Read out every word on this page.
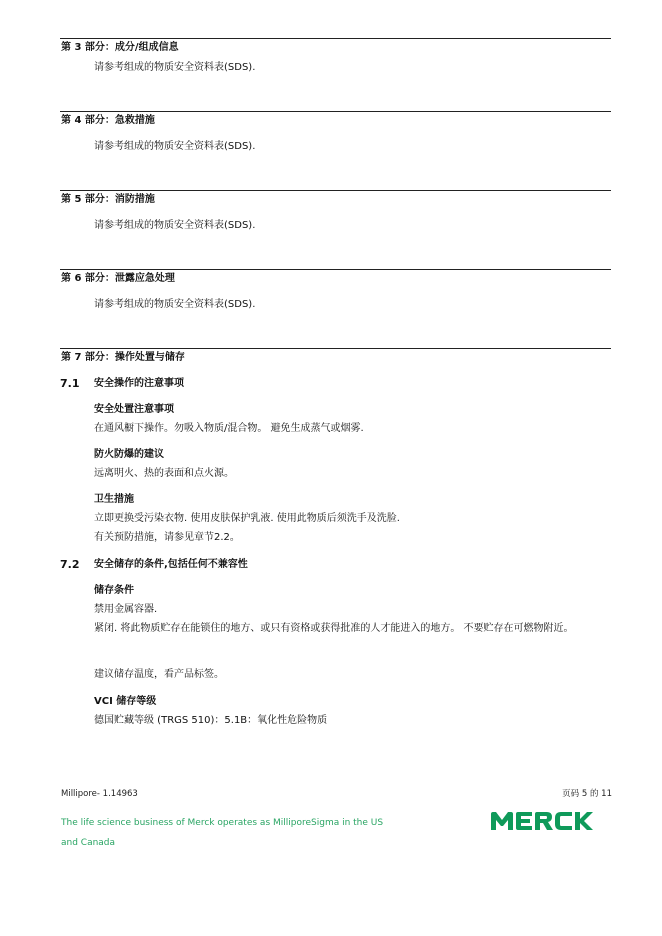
第 3 部分：成分/组成信息
请参考组成的物质安全资料表(SDS).
第 4 部分：急救措施
请参考组成的物质安全资料表(SDS).
第 5 部分：消防措施
请参考组成的物质安全资料表(SDS).
第 6 部分：泄露应急处理
请参考组成的物质安全资料表(SDS).
第 7 部分：操作处置与储存
7.1 安全操作的注意事项
安全处置注意事项
在通风橱下操作。勿吸入物质/混合物。 避免生成蒸气或烟雾.
防火防爆的建议
远离明火、热的表面和点火源。
卫生措施
立即更换受污染衣物. 使用皮肤保护乳液. 使用此物质后须洗手及洗脸.
有关预防措施，请参见章节2.2。
7.2 安全储存的条件,包括任何不兼容性
储存条件
禁用金属容器.
紧闭. 将此物质贮存在能锁住的地方、或只有资格或获得批准的人才能进入的地方。 不要贮存在可燃物附近。
建议储存温度，看产品标签。
VCI 储存等级
德国贮藏等级 (TRGS 510)：5.1B：氧化性危险物质
Millipore- 1.14963	页码 5 的 11
The life science business of Merck operates as MilliporeSigma in the US and Canada
